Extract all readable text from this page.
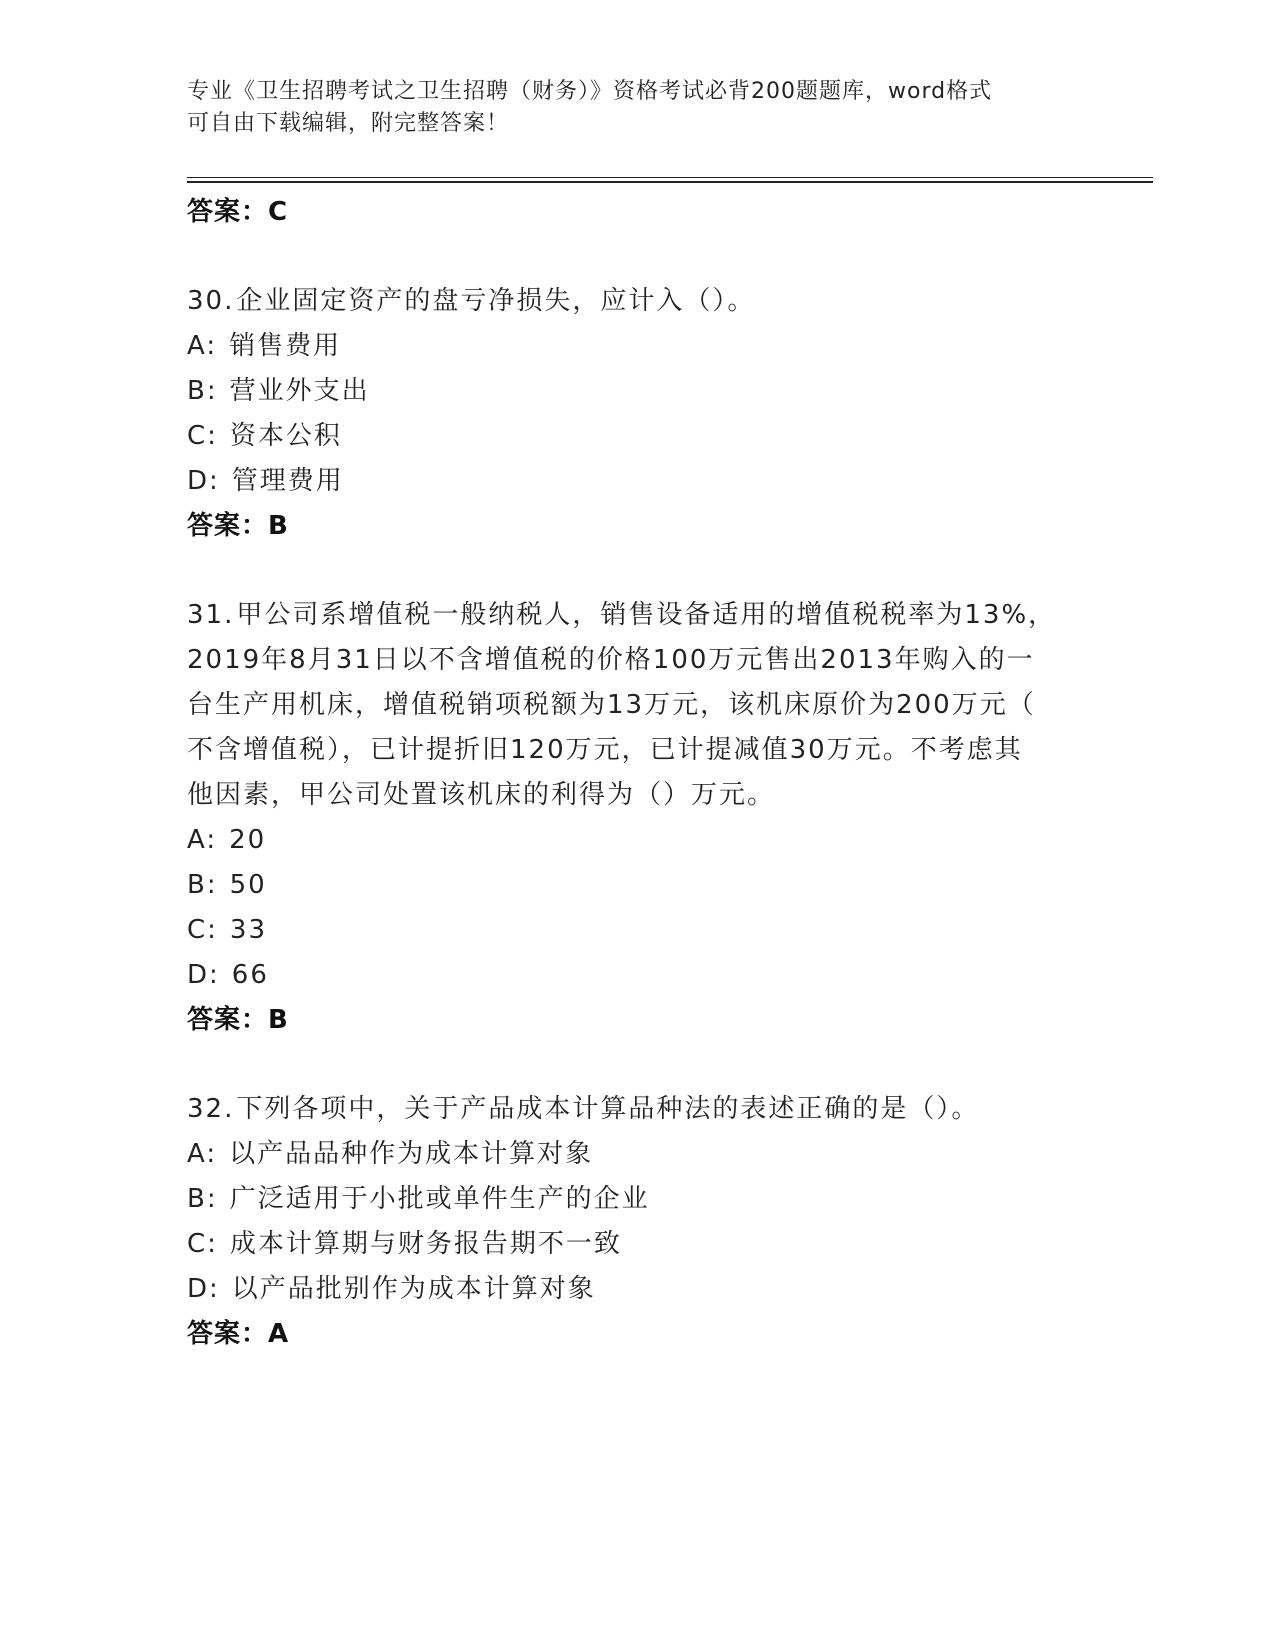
专业《卫生招聘考试之卫生招聘（财务）》资格考试必背200题题库，word格式
可自由下载编辑，附完整答案！
答案：C
30.企业固定资产的盘亏净损失，应计入（）。
A: 销售费用
B: 营业外支出
C: 资本公积
D: 管理费用
答案：B
31.甲公司系增值税一般纳税人，销售设备适用的增值税税率为13%，
2019年8月31日以不含增值税的价格100万元售出2013年购入的一
台生产用机床，增值税销项税额为13万元，该机床原价为200万元（
不含增值税），已计提折旧120万元，已计提减值30万元。不考虑其
他因素，甲公司处置该机床的利得为（）万元。
A: 20
B: 50
C: 33
D: 66
答案：B
32.下列各项中，关于产品成本计算品种法的表述正确的是（）。
A: 以产品品种作为成本计算对象
B: 广泛适用于小批或单件生产的企业
C: 成本计算期与财务报告期不一致
D: 以产品批别作为成本计算对象
答案：A
